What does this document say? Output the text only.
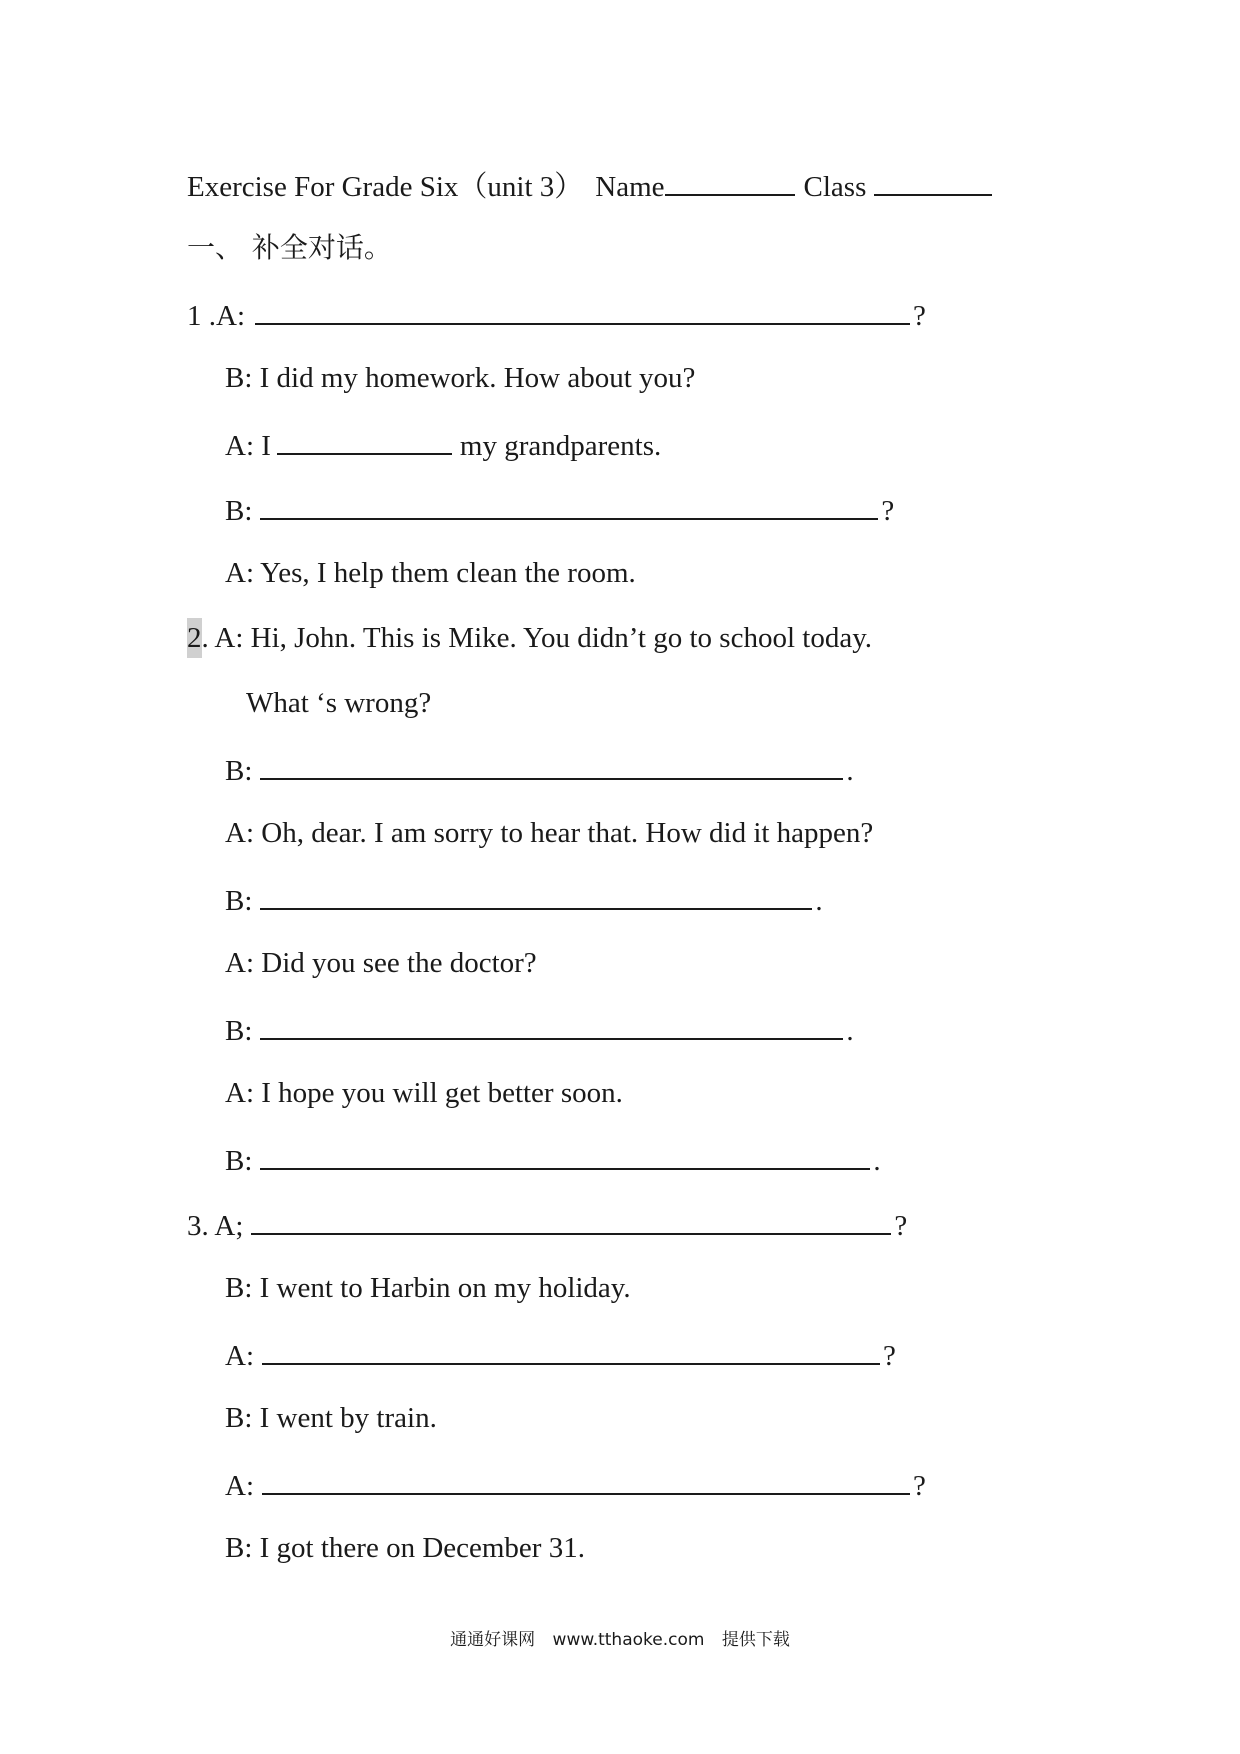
Exercise For Grade Six（unit 3） Name	Class
一、 补全对话。
1 .A:	?
B: I did my homework. How about you?
A: I	my grandparents.
B:	?
A: Yes, I help them clean the room.
2 . A: Hi, John. This is Mike. You didn’t go to school today.
What ‘s wrong?
B:	.
A: Oh, dear. I am sorry to hear that. How did it happen?
B:	.
A: Did you see the doctor?
B:	.
A: I hope you will get better soon.
B:	.
3. A;	?
B: I went to Harbin on my holiday.
A:	?
B: I went by train.
A:	?
B: I got there on December 31.
通通好课网 www.tthaoke.com 提供下载
